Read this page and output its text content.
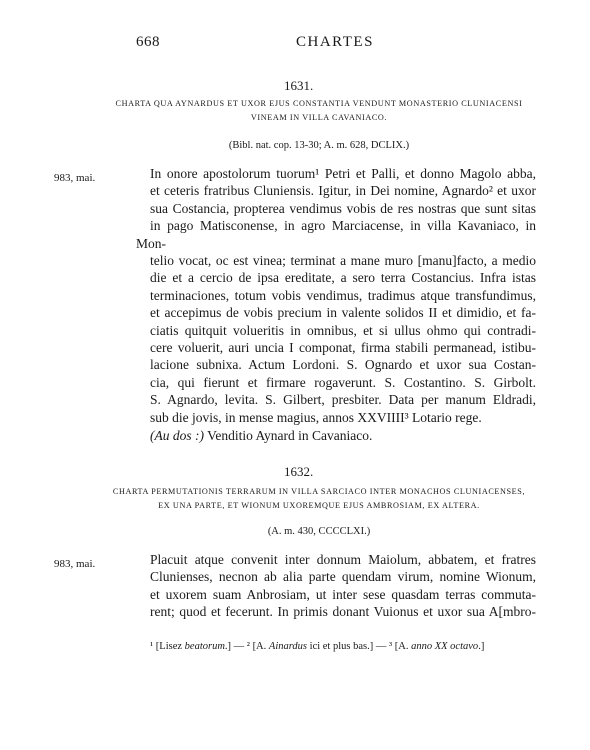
668	CHARTES
1631.
CHARTA QUA AYNARDUS ET UXOR EJUS CONSTANTIA VENDUNT MONASTERIO CLUNIACENSI
VINEAM IN VILLA CAVANIACO.
(Bibl. nat. cop. 13-30; A. m. 628, DCLIX.)
983, mai.	In onore apostolorum tuorum¹ Petri et Palli, et donno Magolo abba,
et ceteris fratribus Cluniensis. Igitur, in Dei nomine, Agnardo² et uxor
sua Costancia, propterea vendimus vobis de res nostras que sunt sitas
in pago Matisconense, in agro Marciacense, in villa Kavaniaco, in Mon-
telio vocat, oc est vinea; terminat a mane muro [manu]facto, a medio
die et a cercio de ipsa ereditate, a sero terra Costancius. Infra istas
terminaciones, totum vobis vendimus, tradimus atque transfundimus,
et accepimus de vobis precium in valente solidos II et dimidio, et fa-
ciatis quitquit volueritis in omnibus, et si ullus ohmo qui contradi-
cere voluerit, auri uncia I componat, firma stabili permanead, istibu-
lacione subnixa. Actum Lordoni. S. Ognardo et uxor sua Costan-
cia, qui fierunt et firmare rogaverunt. S. Costantino. S. Girbolt.
S. Agnardo, levita. S. Gilbert, presbiter. Data per manum Eldradi,
sub die jovis, in mense magius, annos XXVIIII³ Lotario rege.

(Au dos :) Venditio Aynard in Cavaniaco.

1632.
CHARTA PERMUTATIONIS TERRARUM IN VILLA SARCIACO INTER MONACHOS CLUNIACENSES,
EX UNA PARTE, ET WIONUM UXOREMQUE EJUS AMBROSIAM, EX ALTERA.
(A. m. 430, CCCCLXI.)
983, mai.	Placuit atque convenit inter donnum Maiolum, abbatem, et fratres
Clunienses, necnon ab alia parte quendam virum, nomine Wionum,
et uxorem suam Anbrosiam, ut inter sese quasdam terras commuta-
rent; quod et fecerunt. In primis donant Vuionus et uxor sua A[mbro-

¹ [Lisez beatorum.] — ² [A. Ainardus ici et plus bas.] — ³ [A. anno XX octavo.]
